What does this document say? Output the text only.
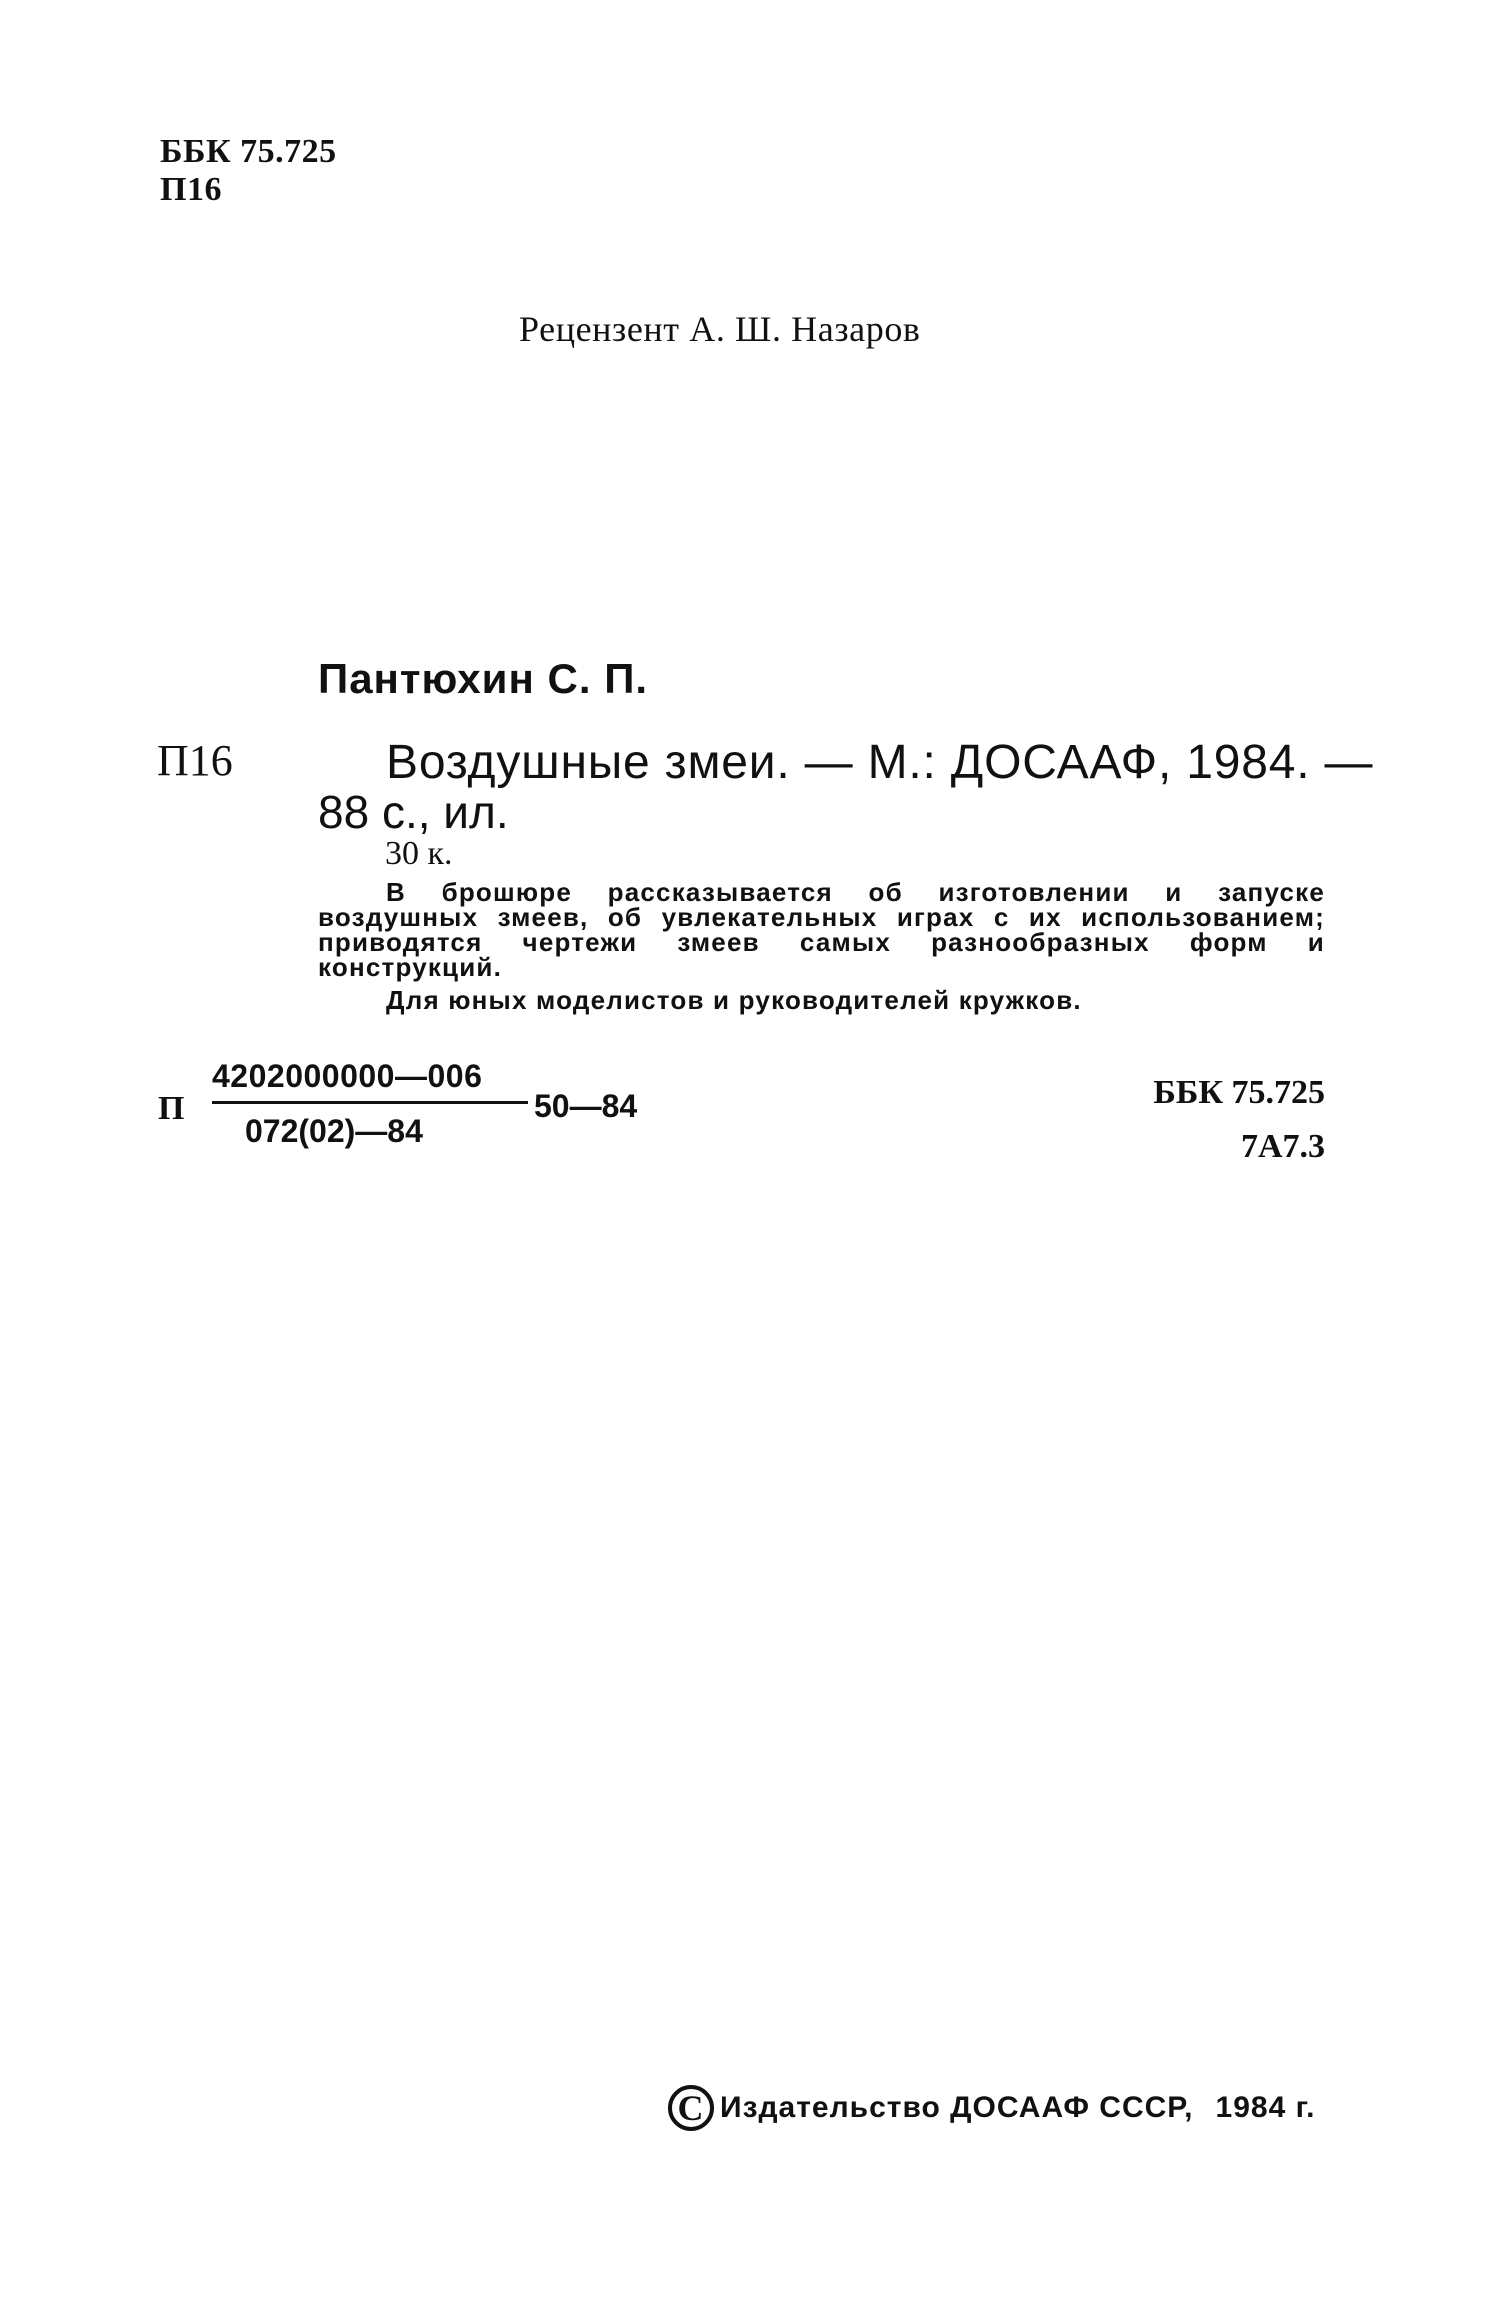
ББК 75.725
П16
Рецензент А. Ш. Назаров
Пантюхин С. П.
П16	Воздушные змеи. — М.: ДОСААФ, 1984. —
88 с., ил.
30 к.

В брошюре рассказывается об изготовлении и запуске воздушных змеев, об увлекательных играх с их использованием; приводятся чертежи змеев самых разнообразных форм и конструкций.

Для юных моделистов и руководителей кружков.

П
4202000000—006
072(02)—84
50—84	ББК 75.725
7А7.3
C Издательство ДОСААФ СССР, 1984 г.
